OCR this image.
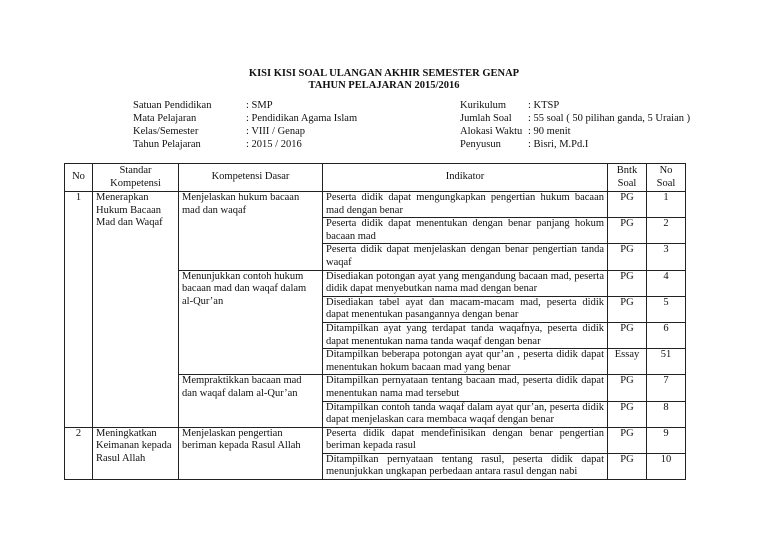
KISI KISI SOAL ULANGAN AKHIR SEMESTER GENAP
TAHUN PELAJARAN 2015/2016
Satuan Pendidikan	: SMP
Mata Pelajaran	: Pendidikan Agama Islam
Kelas/Semester	: VIII / Genap
Tahun Pelajaran	: 2015 / 2016
Kurikulum : KTSP
Jumlah Soal : 55 soal ( 50 pilihan ganda, 5 Uraian )
Alokasi Waktu : 90 menit
Penyusun	: Bisri, M.Pd.I
No	Standar Kompetensi	Kompetensi Dasar	Indikator	Bntk Soal	No Soal
1	Menerapkan Hukum Bacaan Mad dan Waqaf	Menjelaskan hukum bacaan mad dan waqaf	Peserta didik dapat mengungkapkan pengertian hukum bacaan mad dengan benar	PG	1
			Peserta didik dapat menentukan dengan benar panjang hokum bacaan mad	PG	2
			Peserta didik dapat menjelaskan dengan benar pengertian tanda waqaf	PG	3
		Menunjukkan contoh hukum bacaan mad dan waqaf dalam al-Qur’an	Disediakan potongan ayat yang mengandung bacaan mad, peserta didik dapat menyebutkan nama mad dengan benar	PG	4
			Disediakan tabel ayat dan macam-macam mad, peserta didik dapat menentukan pasangannya dengan benar	PG	5
			Ditampilkan ayat yang terdapat tanda waqafnya, peserta didik dapat menentukan nama tanda waqaf dengan benar	PG	6
			Ditampilkan beberapa potongan ayat qur’an , peserta didik dapat menentukan hokum bacaan mad yang benar	Essay	51
		Mempraktikkan bacaan mad dan waqaf dalam al-Qur’an	Ditampilkan pernyataan tentang bacaan mad, peserta didik dapat menentukan nama mad tersebut	PG	7
			Ditampilkan contoh tanda waqaf dalam ayat qur’an, peserta didik dapat menjelaskan cara membaca waqaf dengan benar	PG	8
2	Meningkatkan Keimanan kepada Rasul Allah	Menjelaskan pengertian beriman kepada Rasul Allah	Peserta didik dapat mendefinisikan dengan benar pengertian beriman kepada rasul	PG	9
			Ditampilkan pernyataan tentang rasul, peserta didik dapat menunjukkan ungkapan perbedaan antara rasul dengan nabi	PG	10
